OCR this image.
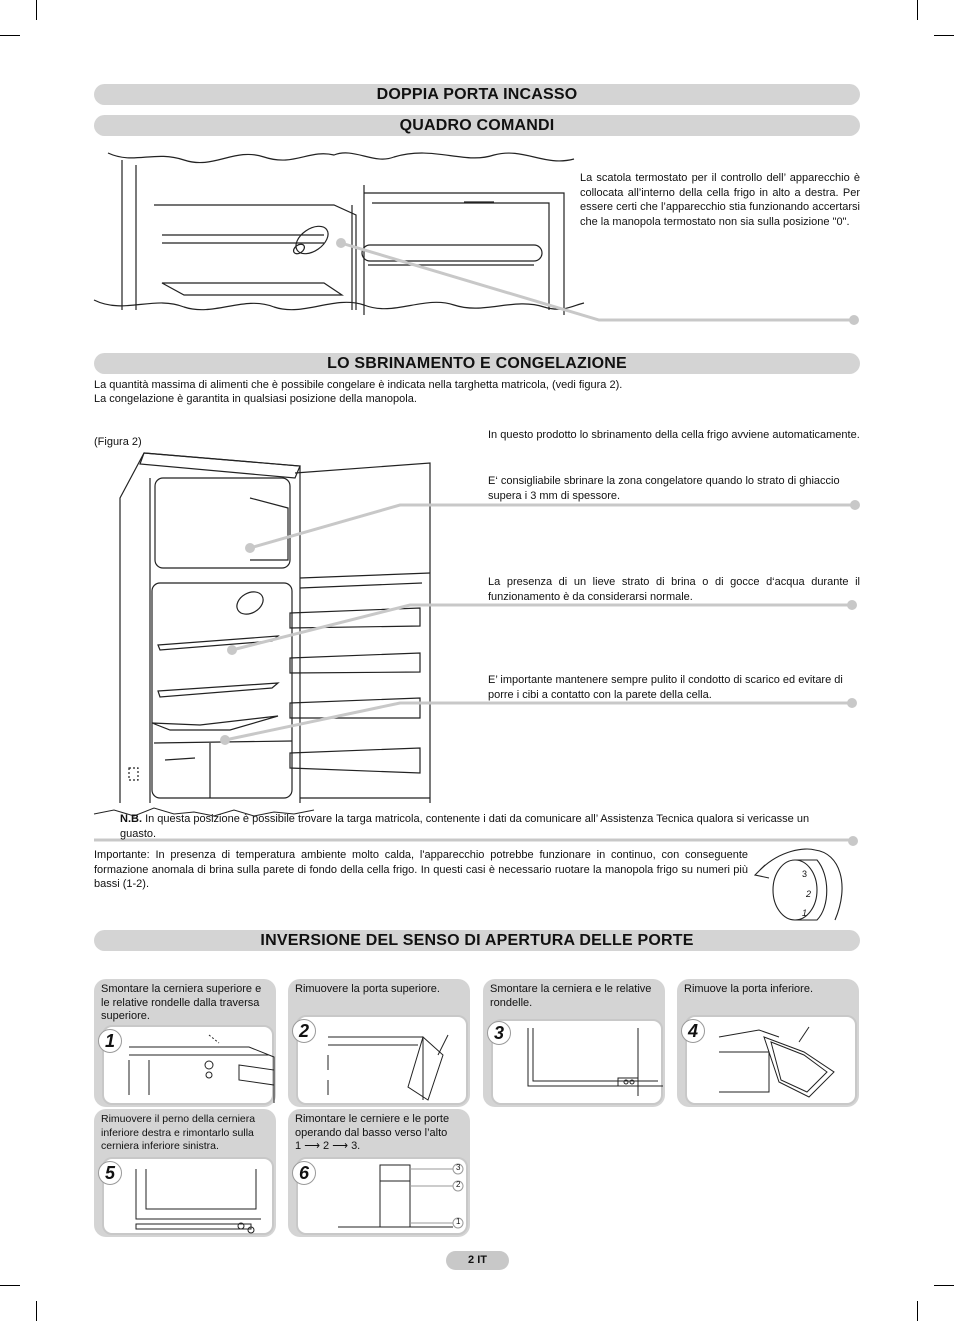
DOPPIA PORTA INCASSO
QUADRO COMANDI
La scatola termostato per il controllo dell’ apparecchio è collocata all’interno della cella frigo in alto a destra. Per essere certi che l’apparecchio stia funzionando accertarsi che la manopola termostato non sia sulla posizione "0".
LO SBRINAMENTO E CONGELAZIONE
La quantità massima di alimenti che è possibile congelare è indicata nella targhetta matricola, (vedi figura 2).
La congelazione è garantita in qualsiasi posizione della manopola.
(Figura 2)
In questo prodotto lo sbrinamento della cella frigo avviene automaticamente.
E‘ consigliabile sbrinare la zona congelatore quando lo strato di ghiaccio supera i 3 mm di spessore.
La presenza di un lieve strato di brina o di gocce d‘acqua durante il funzionamento è da considerarsi normale.
E’ importante mantenere sempre pulito il condotto di scarico ed evitare di porre i cibi a contatto con la parete della cella.
N.B. In questa posizione è possibile trovare la targa matricola, contenente i dati da comunicare all’ Assistenza Tecnica qualora si vericasse un guasto.
Importante: In presenza di temperatura ambiente molto calda, l'apparecchio potrebbe funzionare in continuo, con conseguente formazione anomala di brina sulla parete di fondo della cella frigo. In questi casi è necessario ruotare la manopola frigo su numeri più bassi (1-2).
3
2
1
INVERSIONE DEL SENSO DI APERTURA DELLE PORTE
Smontare la cerniera superiore e le relative rondelle dalla traversa superiore.
1
Rimuovere la porta superiore.
2
Smontare la cerniera e le relative rondelle.
3
Rimuove la porta inferiore.
4
Rimuovere il perno della cerniera inferiore destra e rimontarlo sulla cerniera inferiore sinistra.
5
Rimontare le cerniere e le porte operando dal basso verso l’alto
1 ⟶ 2 ⟶ 3.
3
2
1
6
2 IT
